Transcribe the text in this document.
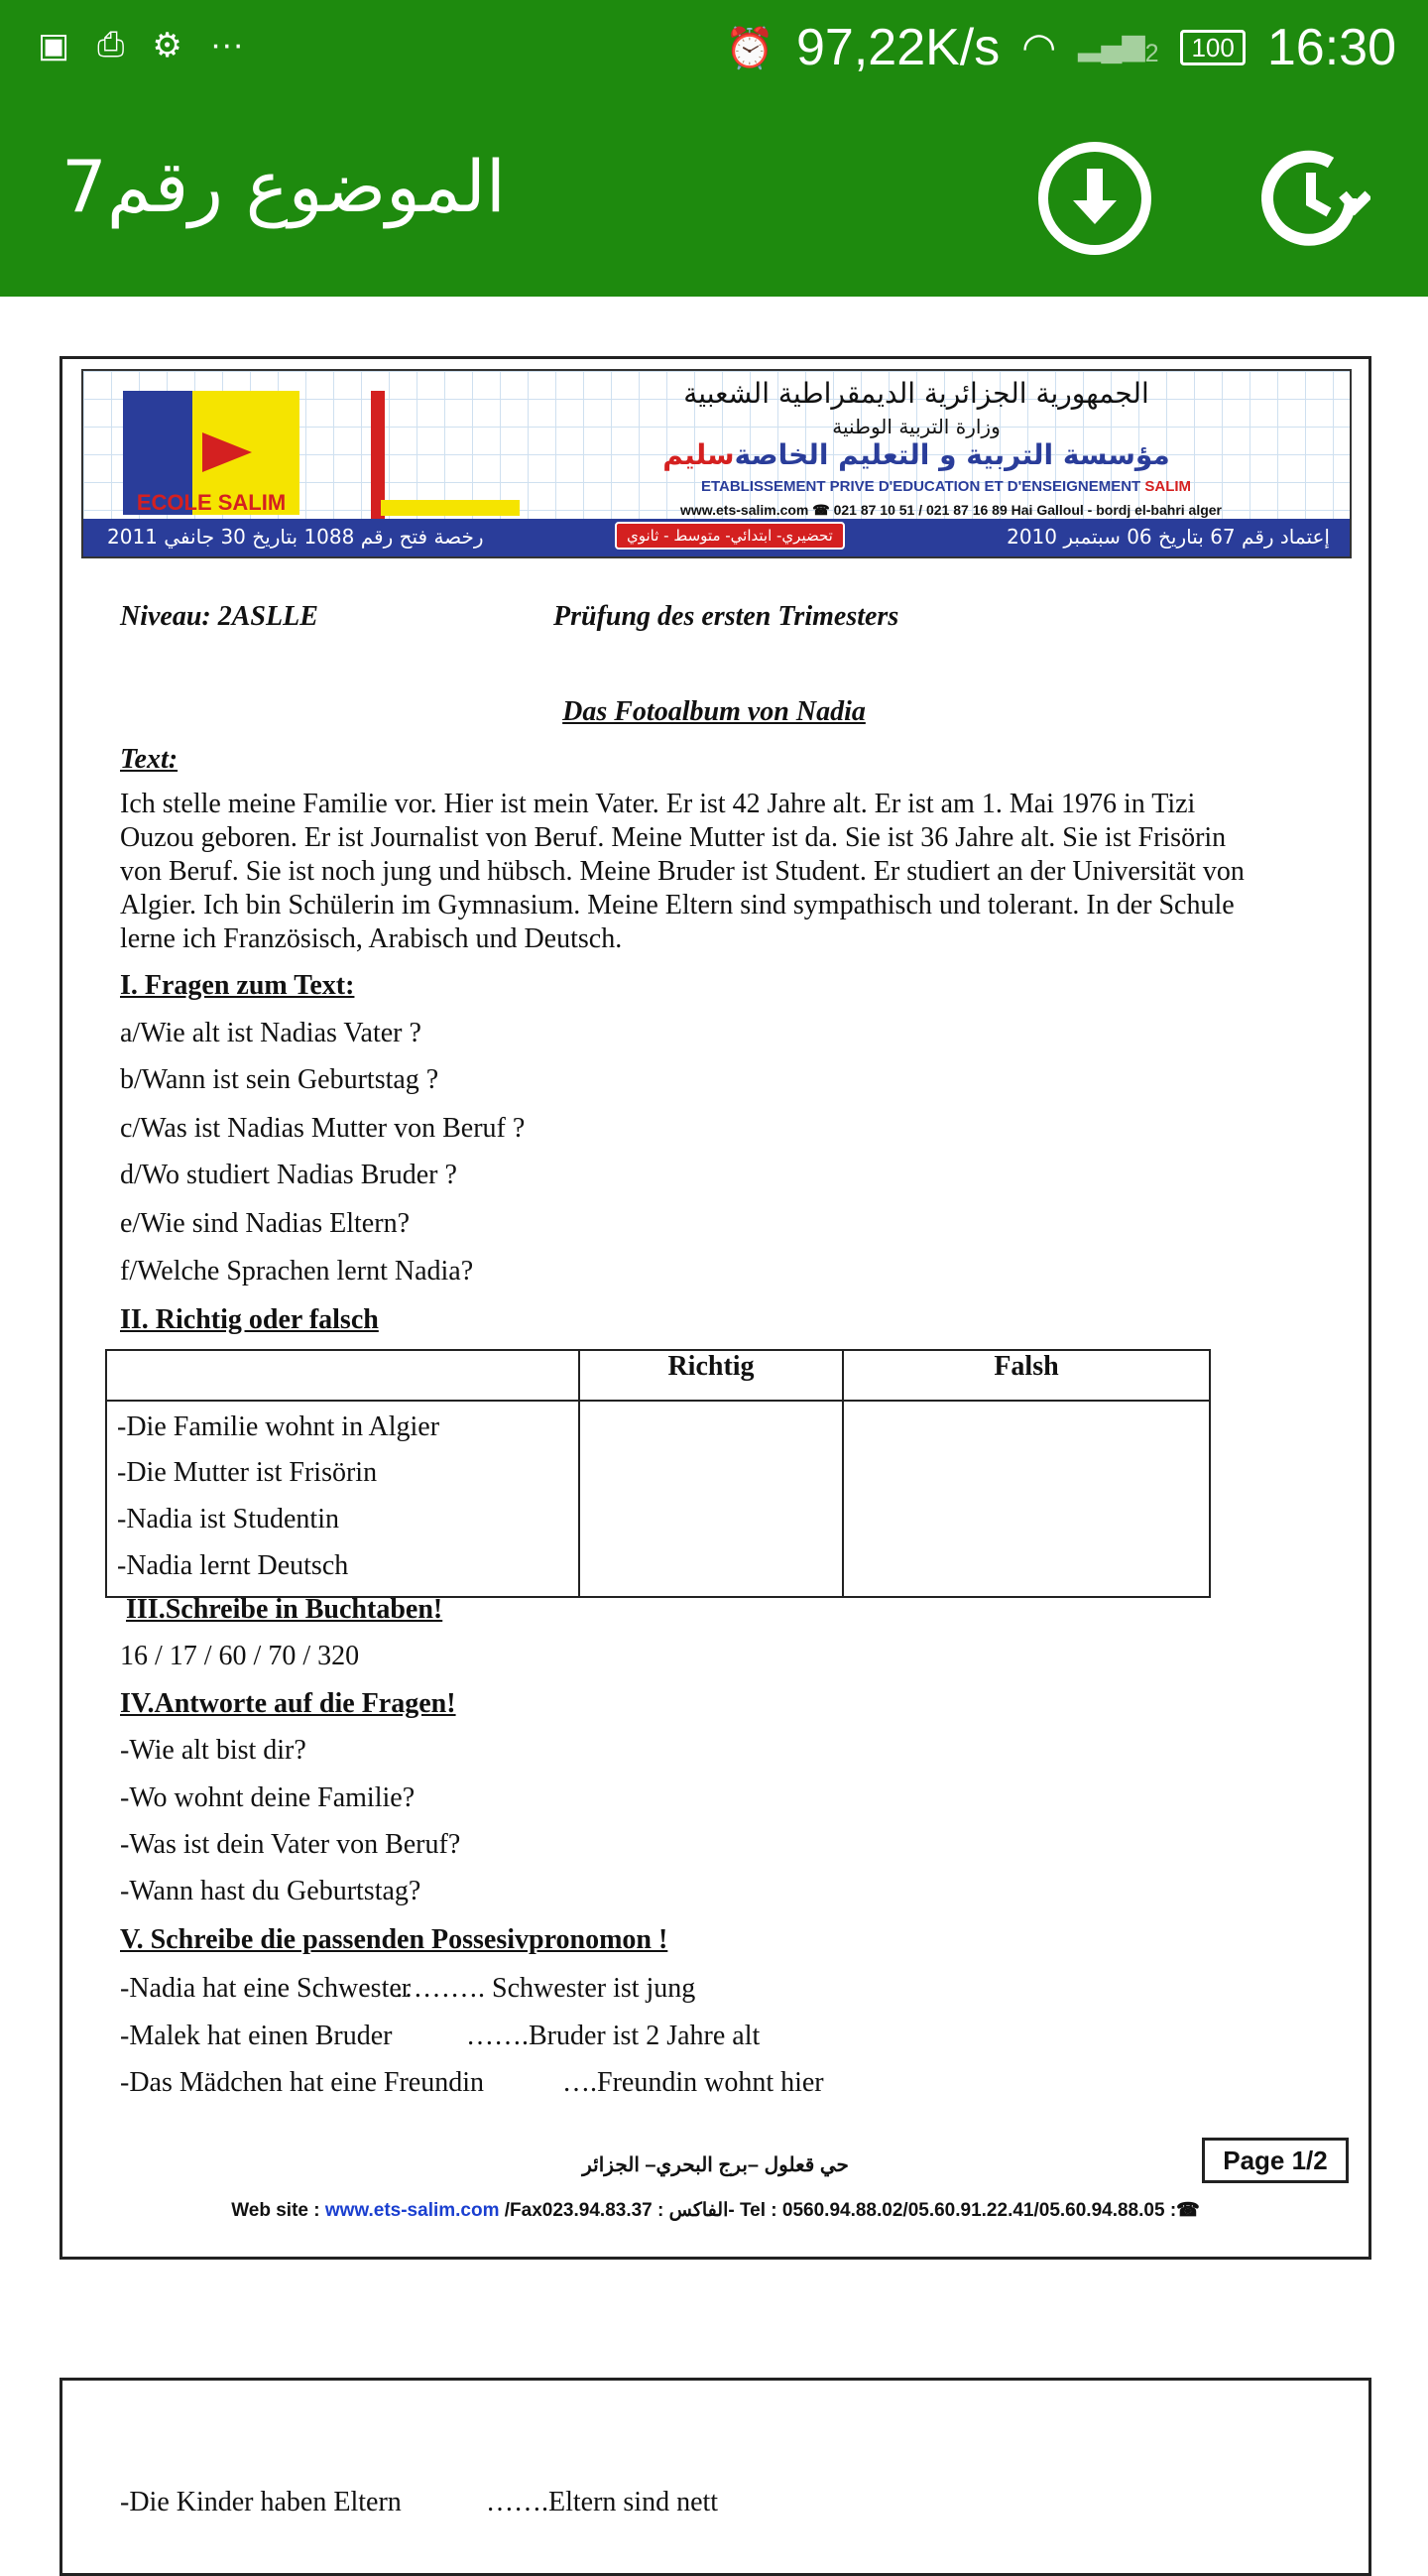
▣ ⎙ ⚙ ···	⏰ 97,22K/s ◠ $▂▄▆_2$	100 16:30
الموضوع رقم7
ECOLE SALIM
الجمهورية الجزائرية الديمقراطية الشعبية
وزارة التربية الوطنية
مؤسسة التربية و التعليم الخاصةسليم
ETABLISSEMENT PRIVE D'EDUCATION ET D'ENSEIGNEMENT SALIM
www.ets-salim.com ☎ 021 87 10 51 / 021 87 16 89 Hai Galloul - bordj el-bahri alger
رخصة فتح رقم 1088 بتاريخ 30 جانفي 2011	تحضيري- ابتدائي- متوسط - ثانوي	إعتماد رقم 67 بتاريخ 06 سبتمبر 2010
Niveau: 2ASLLE	Prüfung des ersten Trimesters
Das Fotoalbum von Nadia
Text:
Ich stelle meine Familie vor. Hier ist mein Vater. Er ist 42 Jahre alt. Er ist am 1. Mai 1976 in Tizi
Ouzou geboren. Er ist Journalist von Beruf. Meine Mutter ist da. Sie ist 36 Jahre alt. Sie ist Frisörin
von Beruf. Sie ist noch jung und hübsch. Meine Bruder ist Student. Er studiert an der Universität von
Algier. Ich bin Schülerin im Gymnasium. Meine Eltern sind sympathisch und tolerant. In der Schule
lerne ich Französisch, Arabisch und Deutsch.
I. Fragen zum Text:
a/Wie alt ist Nadias Vater ?
b/Wann ist sein Geburtstag ?
c/Was ist Nadias Mutter von Beruf ?
d/Wo studiert Nadias Bruder ?
e/Wie sind Nadias Eltern?
f/Welche Sprachen lernt Nadia?
II. Richtig oder falsch
	Richtig	Falsh
-Die Familie wohnt in Algier		
-Die Mutter ist Frisörin		
-Nadia ist Studentin		
-Nadia lernt Deutsch		
III.Schreibe in Buchtaben!
16 / 17 / 60 / 70 / 320
IV.Antworte auf die Fragen!
-Wie alt bist dir?
-Wo wohnt deine Familie?
-Was ist dein Vater von Beruf?
-Wann hast du Geburtstag?
V. Schreibe die passenden Possesivpronomon !
-Nadia hat eine Schwester
………. Schwester ist jung
-Malek hat einen Bruder	…….Bruder ist 2 Jahre alt
-Das Mädchen hat eine Freundin	….Freundin wohnt hier
Page 1/2
حي قعلول –برج البحري– الجزائر
Web site : www.ets-salim.com /Fax023.94.83.37 : الفاكس- Tel : 0560.94.88.02/05.60.91.22.41/05.60.94.88.05 :☎
-Die Kinder haben Eltern	…….Eltern sind nett
